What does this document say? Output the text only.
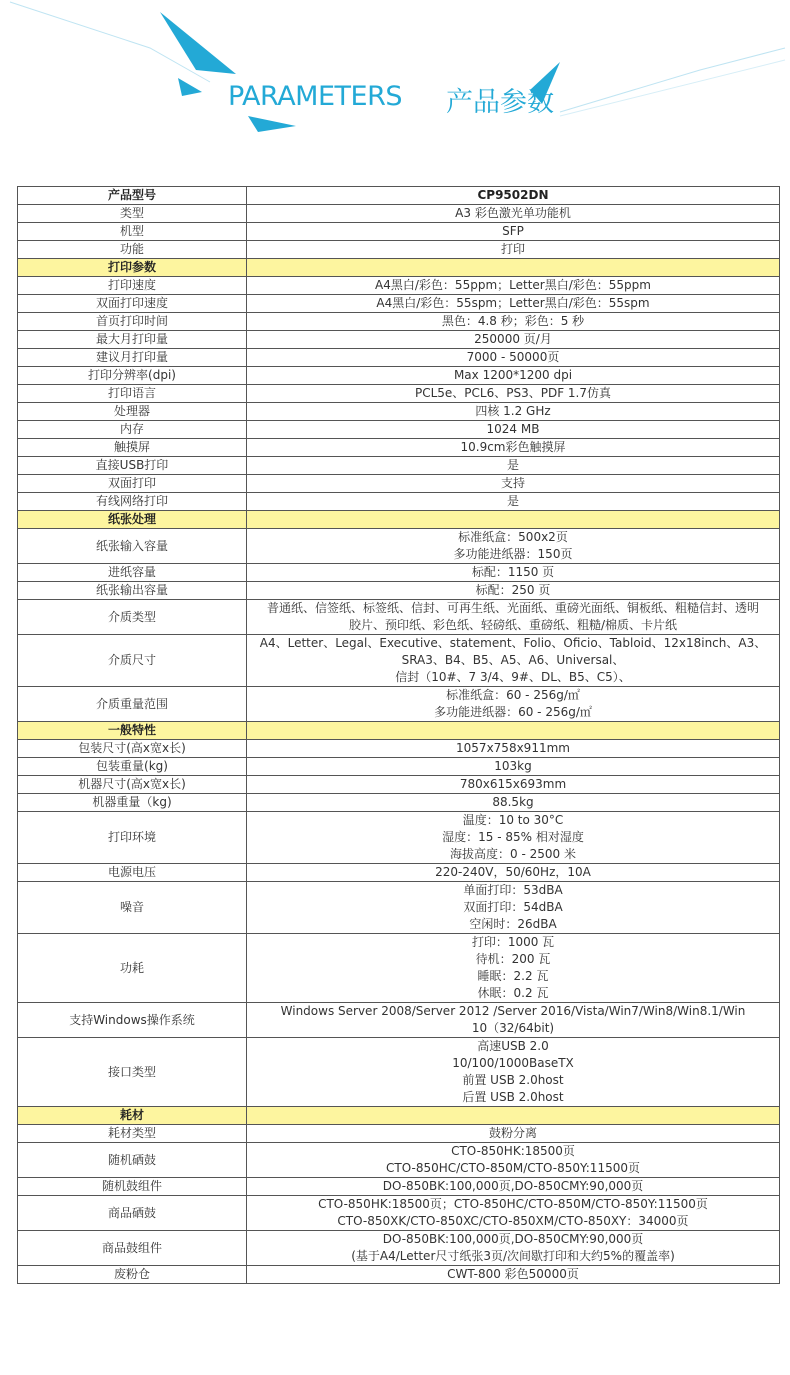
PARAMETERS 产品参数
产品型号	CP9502DN
类型	A3 彩色激光单功能机

机型	SFP

功能	打印

打印参数	
打印速度	A4黑白/彩色：55ppm；Letter黑白/彩色：55ppm

双面打印速度	A4黑白/彩色：55spm；Letter黑白/彩色：55spm

首页打印时间	黑色：4.8 秒；彩色：5 秒

最大月打印量	250000 页/月

建议月打印量	7000 - 50000页

打印分辨率(dpi)	Max 1200*1200 dpi

打印语言	PCL5e、PCL6、PS3、PDF 1.7仿真

处理器	四核 1.2 GHz

内存	1024 MB

触摸屏	10.9cm彩色触摸屏

直接USB打印	是

双面打印	支持

有线网络打印	是

纸张处理	
纸张输入容量	标准纸盒：500x2页
多功能进纸器：150页

进纸容量	标配：1150 页

纸张输出容量	标配：250 页

介质类型	普通纸、信签纸、标签纸、信封、可再生纸、光面纸、重磅光面纸、铜板纸、粗糙信封、透明
胶片、预印纸、彩色纸、轻磅纸、重磅纸、粗糙/棉质、卡片纸

介质尺寸	A4、Letter、Legal、Executive、statement、Folio、Oficio、Tabloid、12x18inch、A3、
SRA3、B4、B5、A5、A6、Universal、
信封（10#、7 3/4、9#、DL、B5、C5）、

介质重量范围	标准纸盒：60 - 256g/㎡
多功能进纸器：60 - 256g/㎡

一般特性	
包装尺寸(高x宽x长)	1057x758x911mm

包装重量(kg)	103kg

机器尺寸(高x宽x长)	780x615x693mm

机器重量（kg)	88.5kg

打印环境	温度：10 to 30°C
湿度：15 - 85% 相对湿度
海拔高度：0 - 2500 米

电源电压	220-240V，50/60Hz，10A

噪音	单面打印：53dBA
双面打印：54dBA
空闲时：26dBA

功耗	打印：1000 瓦
待机：200 瓦
睡眠：2.2 瓦
休眠：0.2 瓦

支持Windows操作系统	Windows Server 2008/Server 2012 /Server 2016/Vista/Win7/Win8/Win8.1/Win
10（32/64bit)

接口类型	高速USB 2.0
10/100/1000BaseTX
前置 USB 2.0host
后置 USB 2.0host

耗材	
耗材类型	鼓粉分离

随机硒鼓	CTO-850HK:18500页
CTO-850HC/CTO-850M/CTO-850Y:11500页

随机鼓组件	DO-850BK:100,000页,DO-850CMY:90,000页

商品硒鼓	CTO-850HK:18500页；CTO-850HC/CTO-850M/CTO-850Y:11500页
CTO-850XK/CTO-850XC/CTO-850XM/CTO-850XY：34000页

商品鼓组件	DO-850BK:100,000页,DO-850CMY:90,000页
(基于A4/Letter尺寸纸张3页/次间歇打印和大约5%的覆盖率)

废粉仓	CWT-800 彩色50000页
